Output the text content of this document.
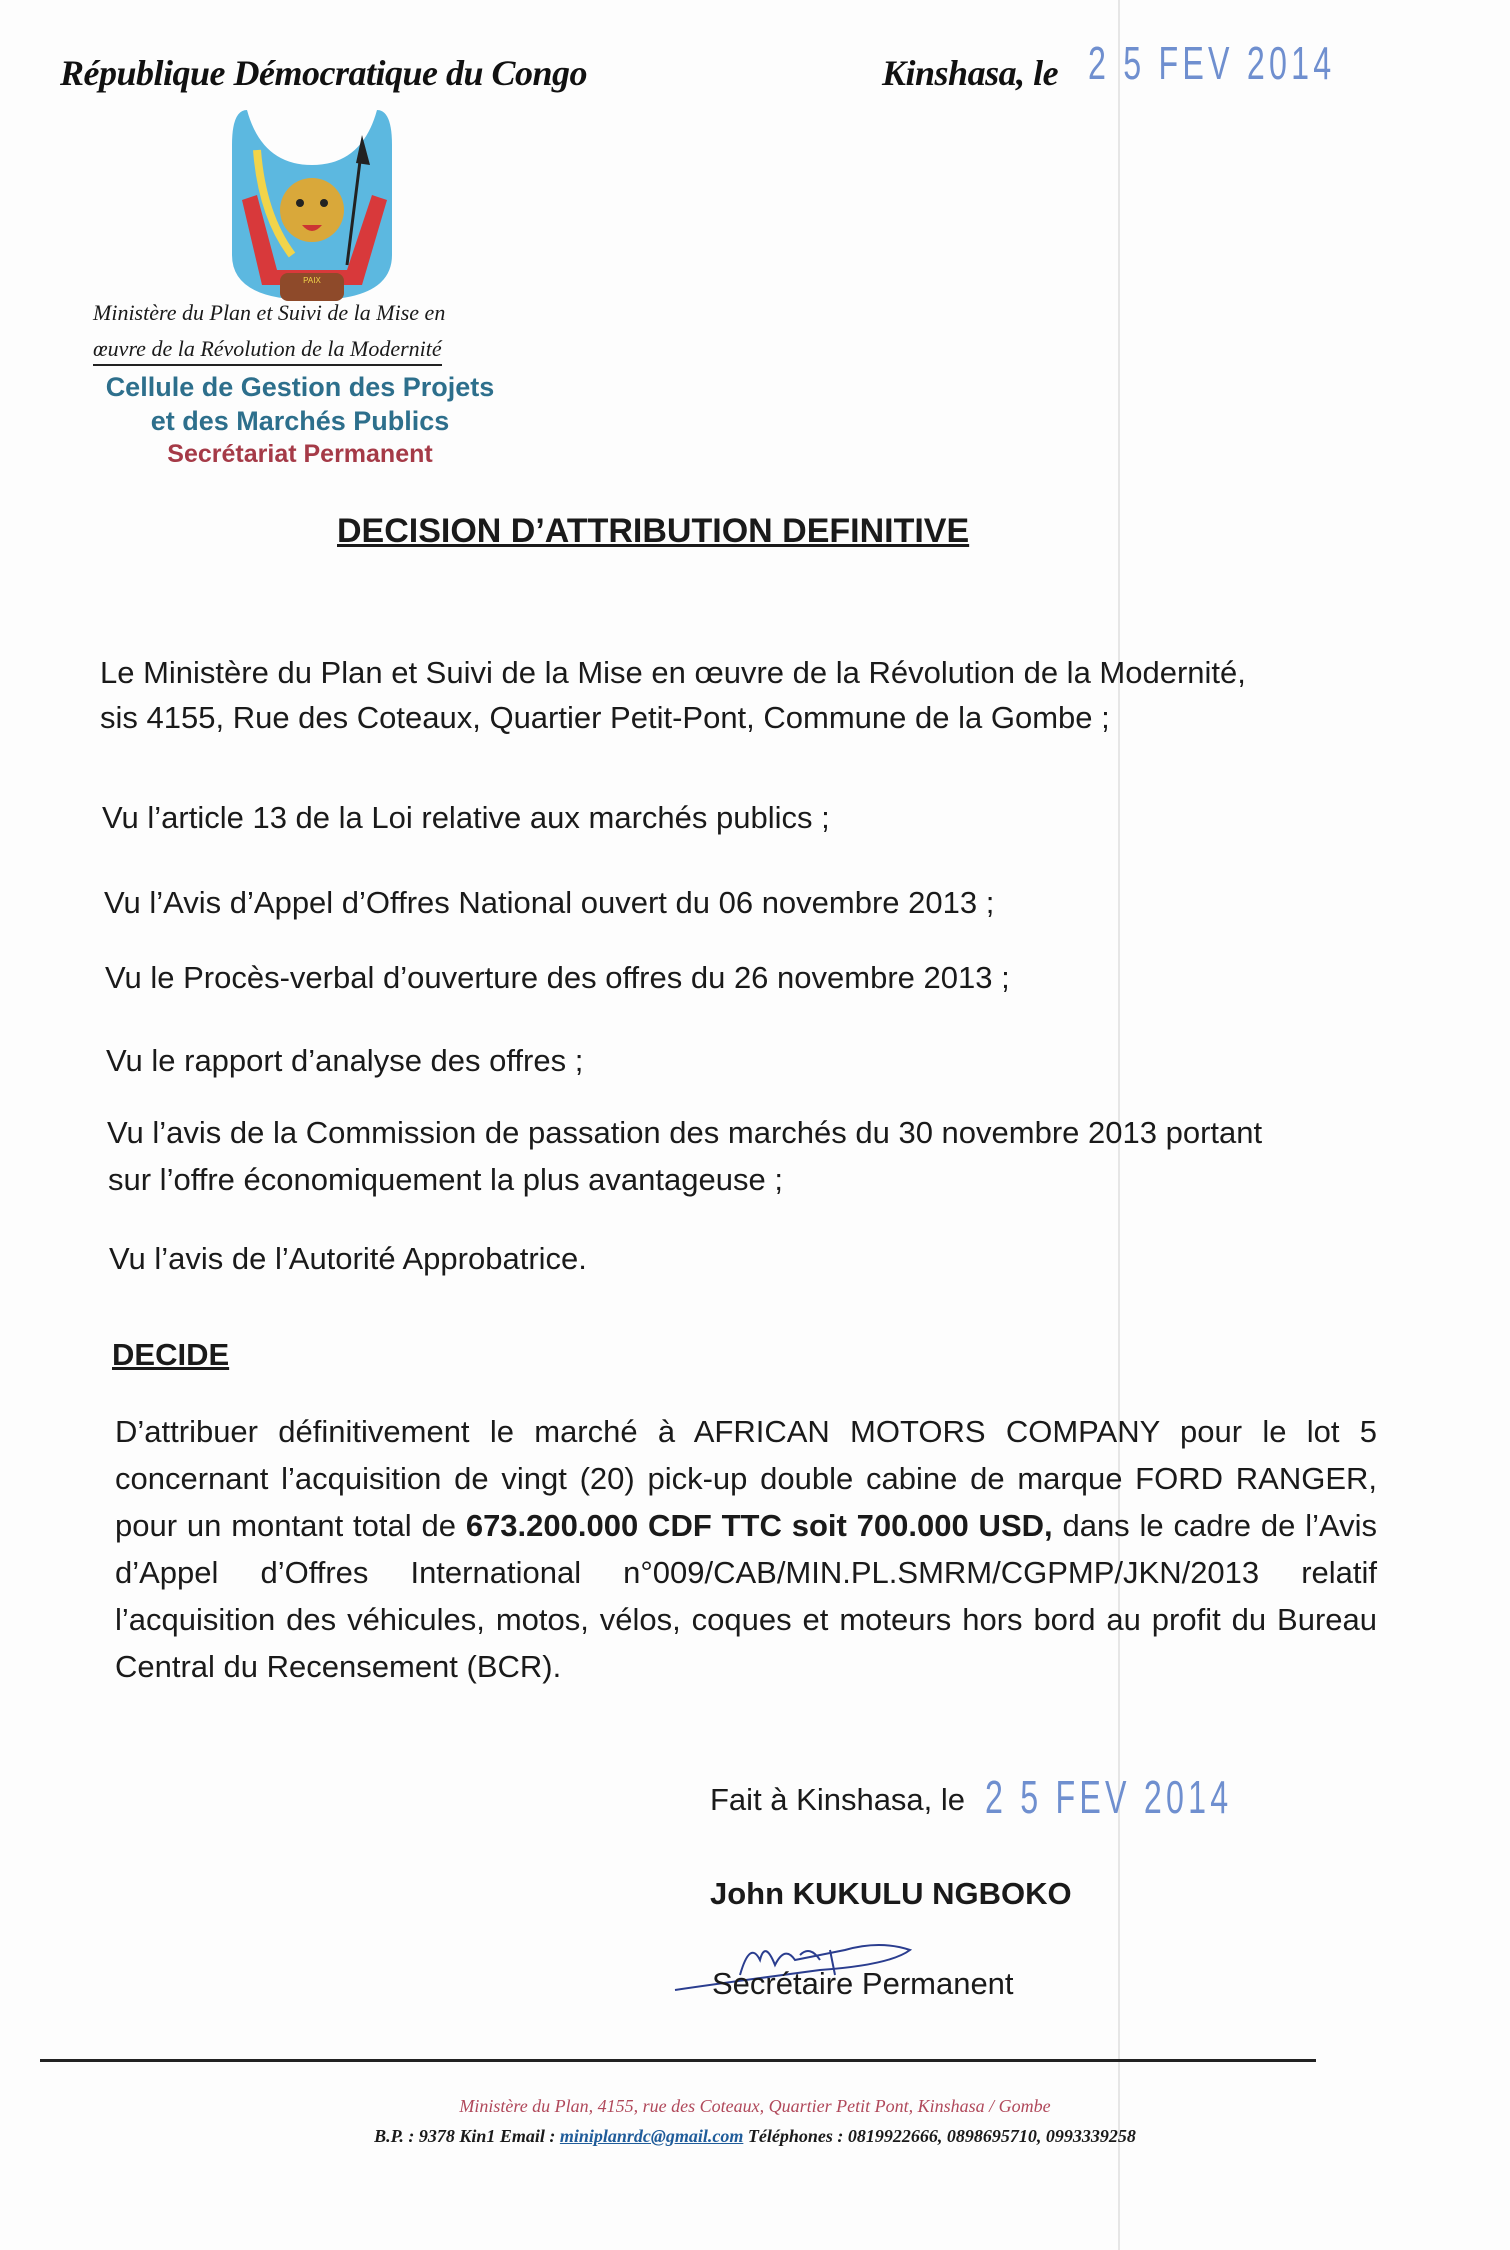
République Démocratique du Congo	Kinshasa, le 2 5 FEV 2014
PAIX
Ministère du Plan et Suivi de la Mise en
œuvre de la Révolution de la Modernité
Cellule de Gestion des Projets
et des Marchés Publics
Secrétariat Permanent
DECISION D’ATTRIBUTION DEFINITIVE
Le Ministère du Plan et Suivi de la Mise en œuvre de la Révolution de la Modernité,
sis 4155, Rue des Coteaux, Quartier Petit-Pont, Commune de la Gombe ;
Vu l’article 13 de la Loi relative aux marchés publics ;
Vu l’Avis d’Appel d’Offres National ouvert du 06 novembre 2013 ;
Vu le Procès-verbal d’ouverture des offres du 26 novembre 2013 ;
Vu le rapport d’analyse des offres ;
Vu l’avis de la Commission de passation des marchés du 30 novembre 2013 portant
sur l’offre économiquement la plus avantageuse ;
Vu l’avis de l’Autorité Approbatrice.
DECIDE
D’attribuer définitivement le marché à AFRICAN MOTORS COMPANY pour le lot 5 concernant l’acquisition de vingt (20) pick-up double cabine de marque FORD RANGER, pour un montant total de 673.200.000 CDF TTC soit 700.000 USD, dans le cadre de l’Avis d’Appel d’Offres International n°009/CAB/MIN.PL.SMRM/CGPMP/JKN/2013 relatif l’acquisition des véhicules, motos, vélos, coques et moteurs hors bord au profit du Bureau Central du Recensement (BCR).
Fait à Kinshasa, le 2 5 FEV 2014
John KUKULU NGBOKO
Secrétaire Permanent
Ministère du Plan, 4155, rue des Coteaux, Quartier Petit Pont, Kinshasa / Gombe
B.P. : 9378 Kin1 Email : miniplanrdc@gmail.com Téléphones : 0819922666, 0898695710, 0993339258
